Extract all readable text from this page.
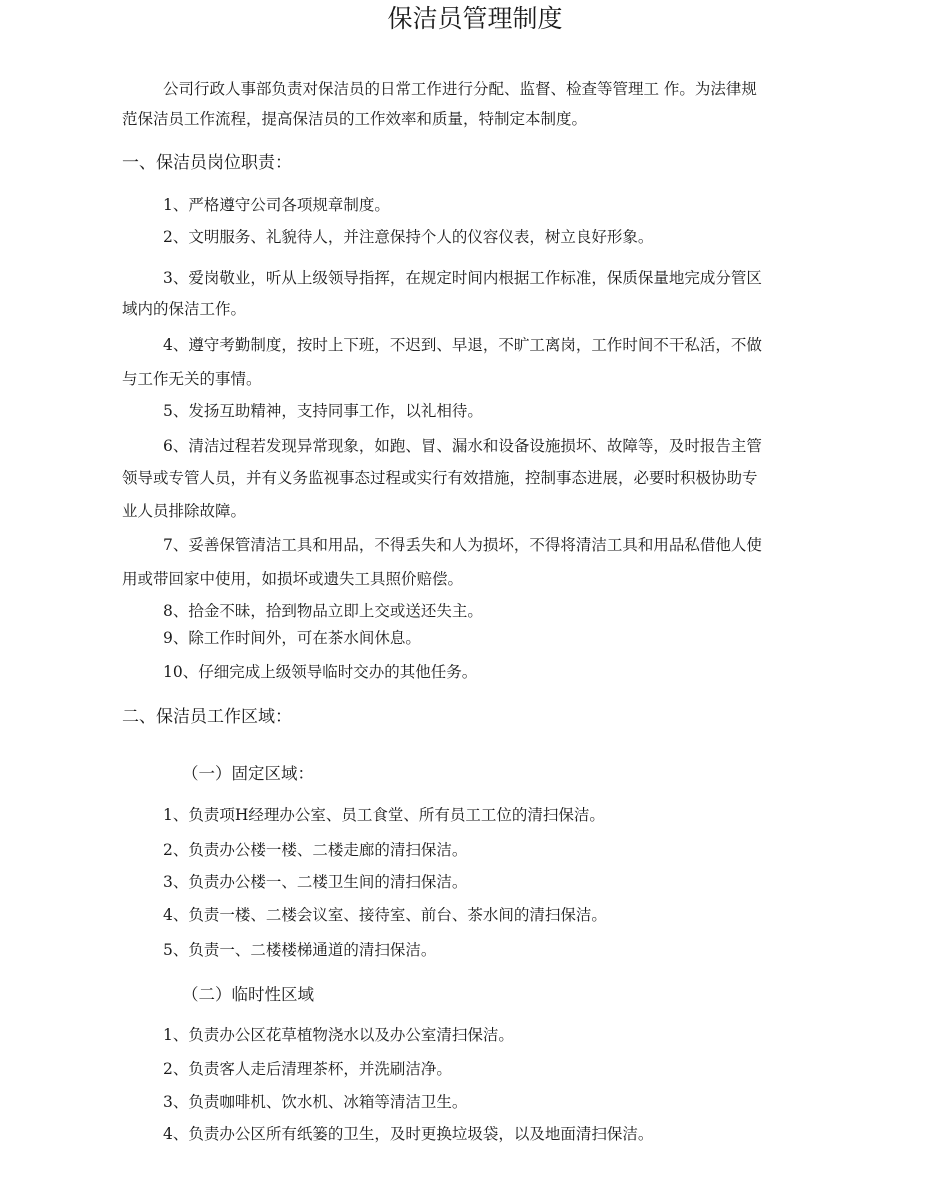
保洁员管理制度
公司行政人事部负责对保洁员的日常工作进行分配、监督、检查等管理工 作。为法律规
范保洁员工作流程，提高保洁员的工作效率和质量，特制定本制度。
一、保洁员岗位职责：
1、严格遵守公司各项规章制度。
2、文明服务、礼貌待人，并注意保持个人的仪容仪表，树立良好形象。
3、爱岗敬业，听从上级领导指挥，在规定时间内根据工作标准，保质保量地完成分管区
域内的保洁工作。
4、遵守考勤制度，按时上下班，不迟到、早退，不旷工离岗，工作时间不干私活，不做
与工作无关的事情。
5、发扬互助精神，支持同事工作，以礼相待。
6、清洁过程若发现异常现象，如跑、冒、漏水和设备设施损坏、故障等，及时报告主管
领导或专管人员，并有义务监视事态过程或实行有效措施，控制事态进展，必要时积极协助专
业人员排除故障。
7、妥善保管清洁工具和用品，不得丢失和人为损坏，不得将清洁工具和用品私借他人使
用或带回家中使用，如损坏或遗失工具照价赔偿。
8、拾金不昧，拾到物品立即上交或送还失主。
9、除工作时间外，可在茶水间休息。
10、仔细完成上级领导临时交办的其他任务。
二、保洁员工作区域：
（一）固定区域：
1、负责项H经理办公室、员工食堂、所有员工工位的清扫保洁。
2、负责办公楼一楼、二楼走廊的清扫保洁。
3、负责办公楼一、二楼卫生间的清扫保洁。
4、负责一楼、二楼会议室、接待室、前台、茶水间的清扫保洁。
5、负责一、二楼楼梯通道的清扫保洁。
（二）临时性区域
1、负责办公区花草植物浇水以及办公室清扫保洁。
2、负责客人走后清理茶杯，并洗刷洁净。
3、负责咖啡机、饮水机、冰箱等清洁卫生。
4、负责办公区所有纸篓的卫生，及时更换垃圾袋，以及地面清扫保洁。
